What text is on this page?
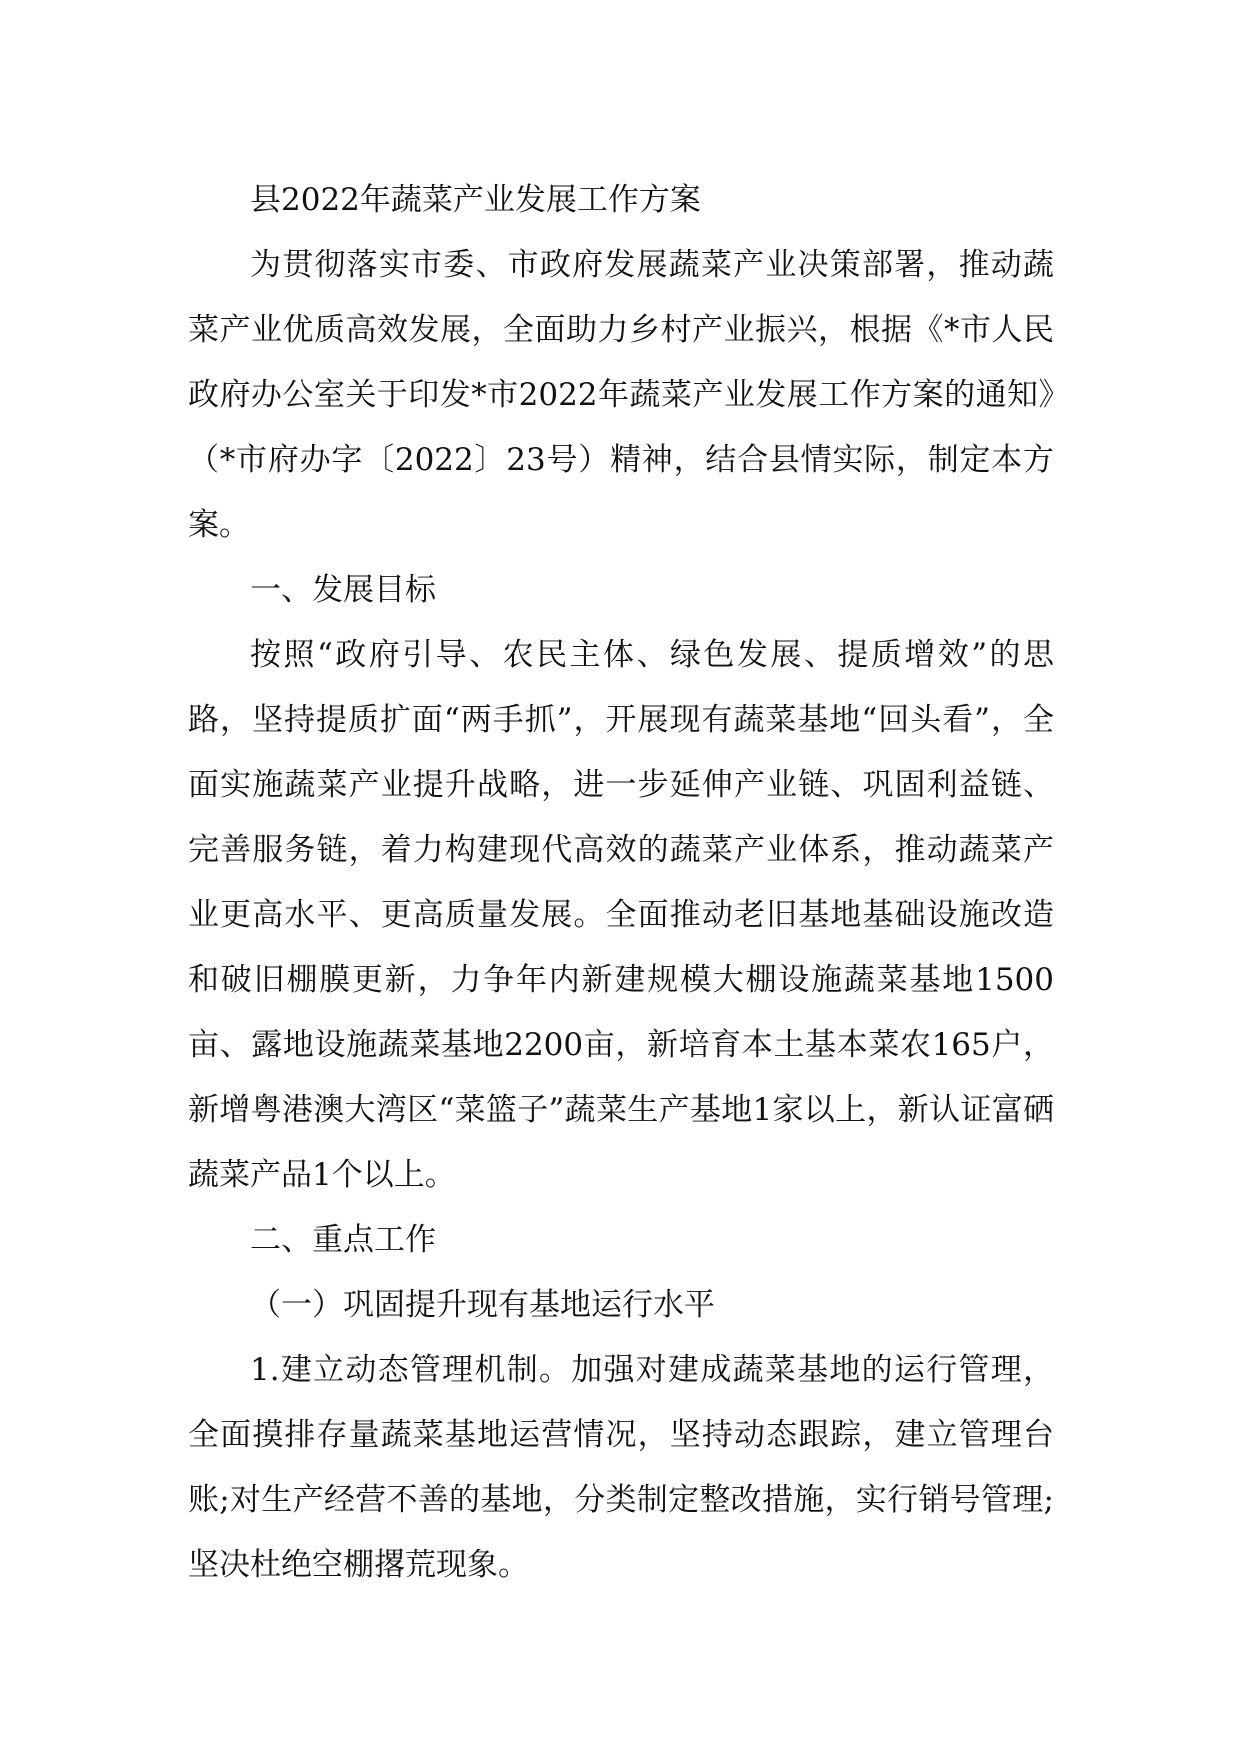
县2022年蔬菜产业发展工作方案

为贯彻落实市委、市政府发展蔬菜产业决策部署，推动蔬菜产业优质高效发展，全面助力乡村产业振兴，根据《*市人民政府办公室关于印发*市2022年蔬菜产业发展工作方案的通知》（*市府办字〔2022〕23号）精神，结合县情实际，制定本方案。

一、发展目标

按照“政府引导、农民主体、绿色发展、提质增效”的思路，坚持提质扩面“两手抓”，开展现有蔬菜基地“回头看”，全面实施蔬菜产业提升战略，进一步延伸产业链、巩固利益链、完善服务链，着力构建现代高效的蔬菜产业体系，推动蔬菜产业更高水平、更高质量发展。全面推动老旧基地基础设施改造和破旧棚膜更新，力争年内新建规模大棚设施蔬菜基地1500亩、露地设施蔬菜基地2200亩，新培育本土基本菜农165户，新增粤港澳大湾区“菜篮子”蔬菜生产基地1家以上，新认证富硒蔬菜产品1个以上。

二、重点工作

（一）巩固提升现有基地运行水平

1.建立动态管理机制。加强对建成蔬菜基地的运行管理，全面摸排存量蔬菜基地运营情况，坚持动态跟踪，建立管理台账;对生产经营不善的基地，分类制定整改措施，实行销号管理;坚决杜绝空棚撂荒现象。
